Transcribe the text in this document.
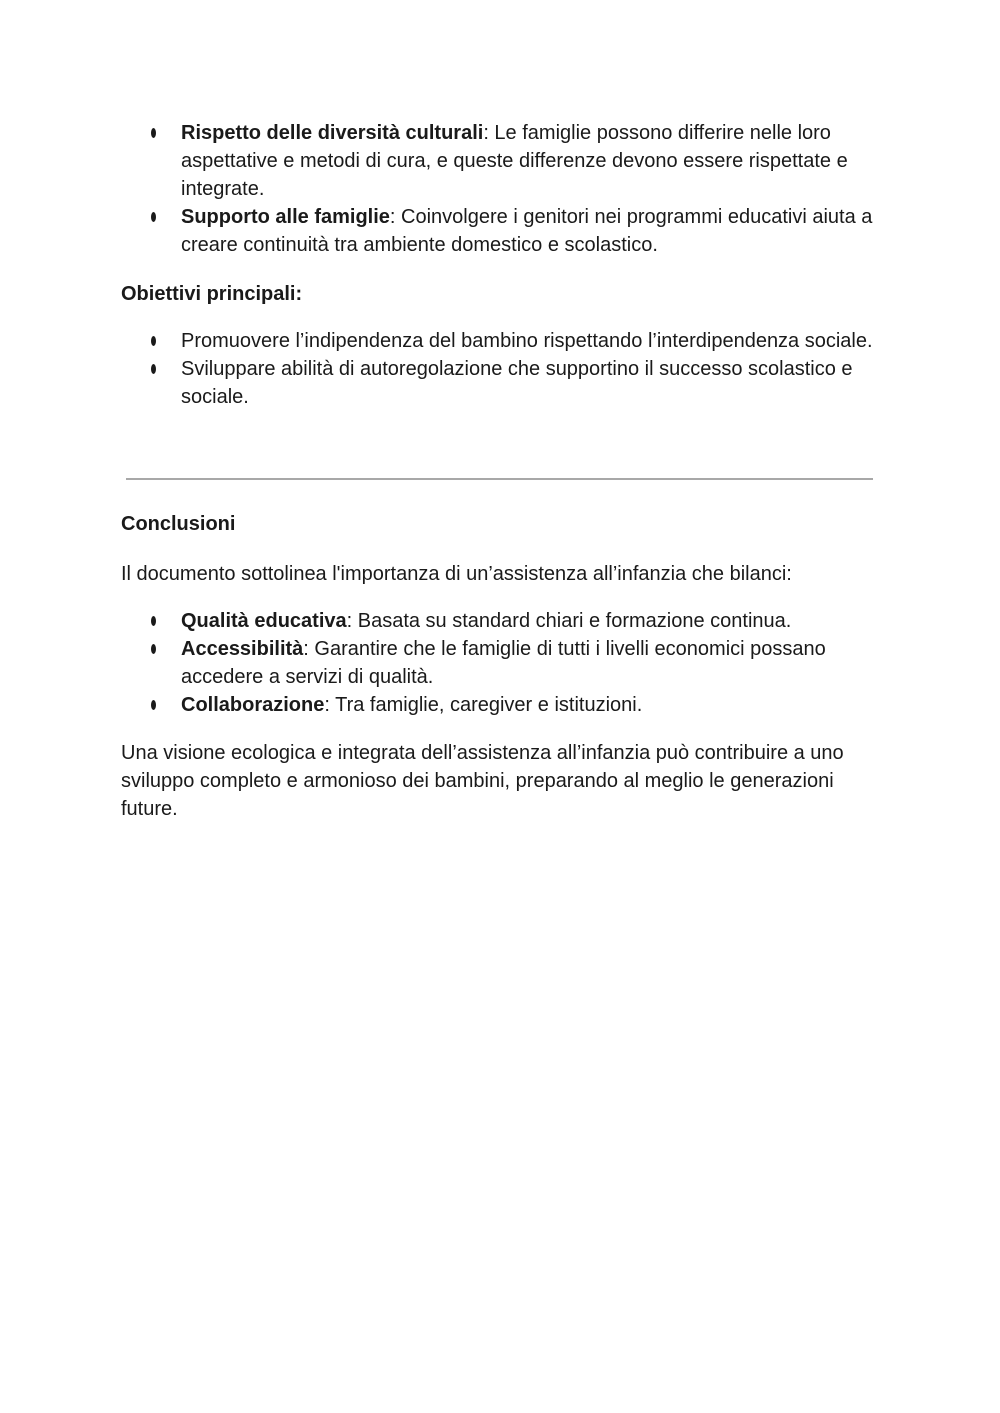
Rispetto delle diversità culturali: Le famiglie possono differire nelle loro aspettative e metodi di cura, e queste differenze devono essere rispettate e integrate.
Supporto alle famiglie: Coinvolgere i genitori nei programmi educativi aiuta a creare continuità tra ambiente domestico e scolastico.
Obiettivi principali:
Promuovere l’indipendenza del bambino rispettando l’interdipendenza sociale.
Sviluppare abilità di autoregolazione che supportino il successo scolastico e sociale.
Conclusioni

Il documento sottolinea l'importanza di un’assistenza all’infanzia che bilanci:

Qualità educativa: Basata su standard chiari e formazione continua.
Accessibilità: Garantire che le famiglie di tutti i livelli economici possano accedere a servizi di qualità.
Collaborazione: Tra famiglie, caregiver e istituzioni.

Una visione ecologica e integrata dell’assistenza all’infanzia può contribuire a uno sviluppo completo e armonioso dei bambini, preparando al meglio le generazioni future.
